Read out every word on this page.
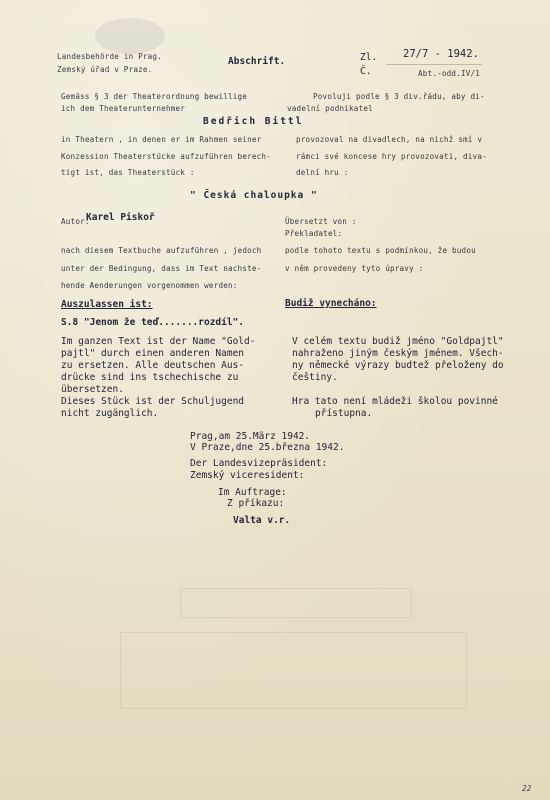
Landesbehörde in Prag.
Zemský úřad v Praze.
Abschrift.	Zl. 27/7 - 1942.
Č.	Abt.-odd.IV/1
Gemäss § 3 der Theaterordnung bewillige
ich dem Theaterunternehmer
Povoluji podle § 3 div.řádu, aby di-
vadelní podnikatel
Bedřich Bittl
in Theatern , in denen er im Rahmen seiner
Konzession Theaterstücke aufzuführen berech-
tigt ist, das Theaterstück :
provozoval na divadlech, na nichž smí v
rámci své koncese hry provozovati, diva-
delní hru :
" Česká chaloupka "
Autor:
Karel Piskoř	Übersetzt von :
Překladatel:
nach diesem Textbuche aufzuführen , jedoch
unter der Bedingung, dass im Text nachste-
hende Aenderungen vorgenommen werden:
podle tohoto textu s podmínkou, že budou
v něm provedeny tyto úpravy :
Auszulassen ist:	Budiž vynecháno:
S.8 "Jenom že teď.......rozdíl".
Im ganzen Text ist der Name "Gold-
pajtl" durch einen anderen Namen
zu ersetzen. Alle deutschen Aus-
drücke sind ins tschechische zu
übersetzen.
V celém textu budiž jméno "Goldpajtl"
nahraženo jiným českým jménem. Všech-
ny německé výrazy budtež přeloženy do
češtiny.
Dieses Stück ist der Schuljugend
nicht zugänglich.
Hra tato není mládeži školou povinné
přístupna.
Prag,am 25.März 1942.
V Praze,dne 25.března 1942.
Der Landesvizepräsident:
Zemský viceresident:
Im Auftrage:
Z příkazu:
Valta v.r.
22
